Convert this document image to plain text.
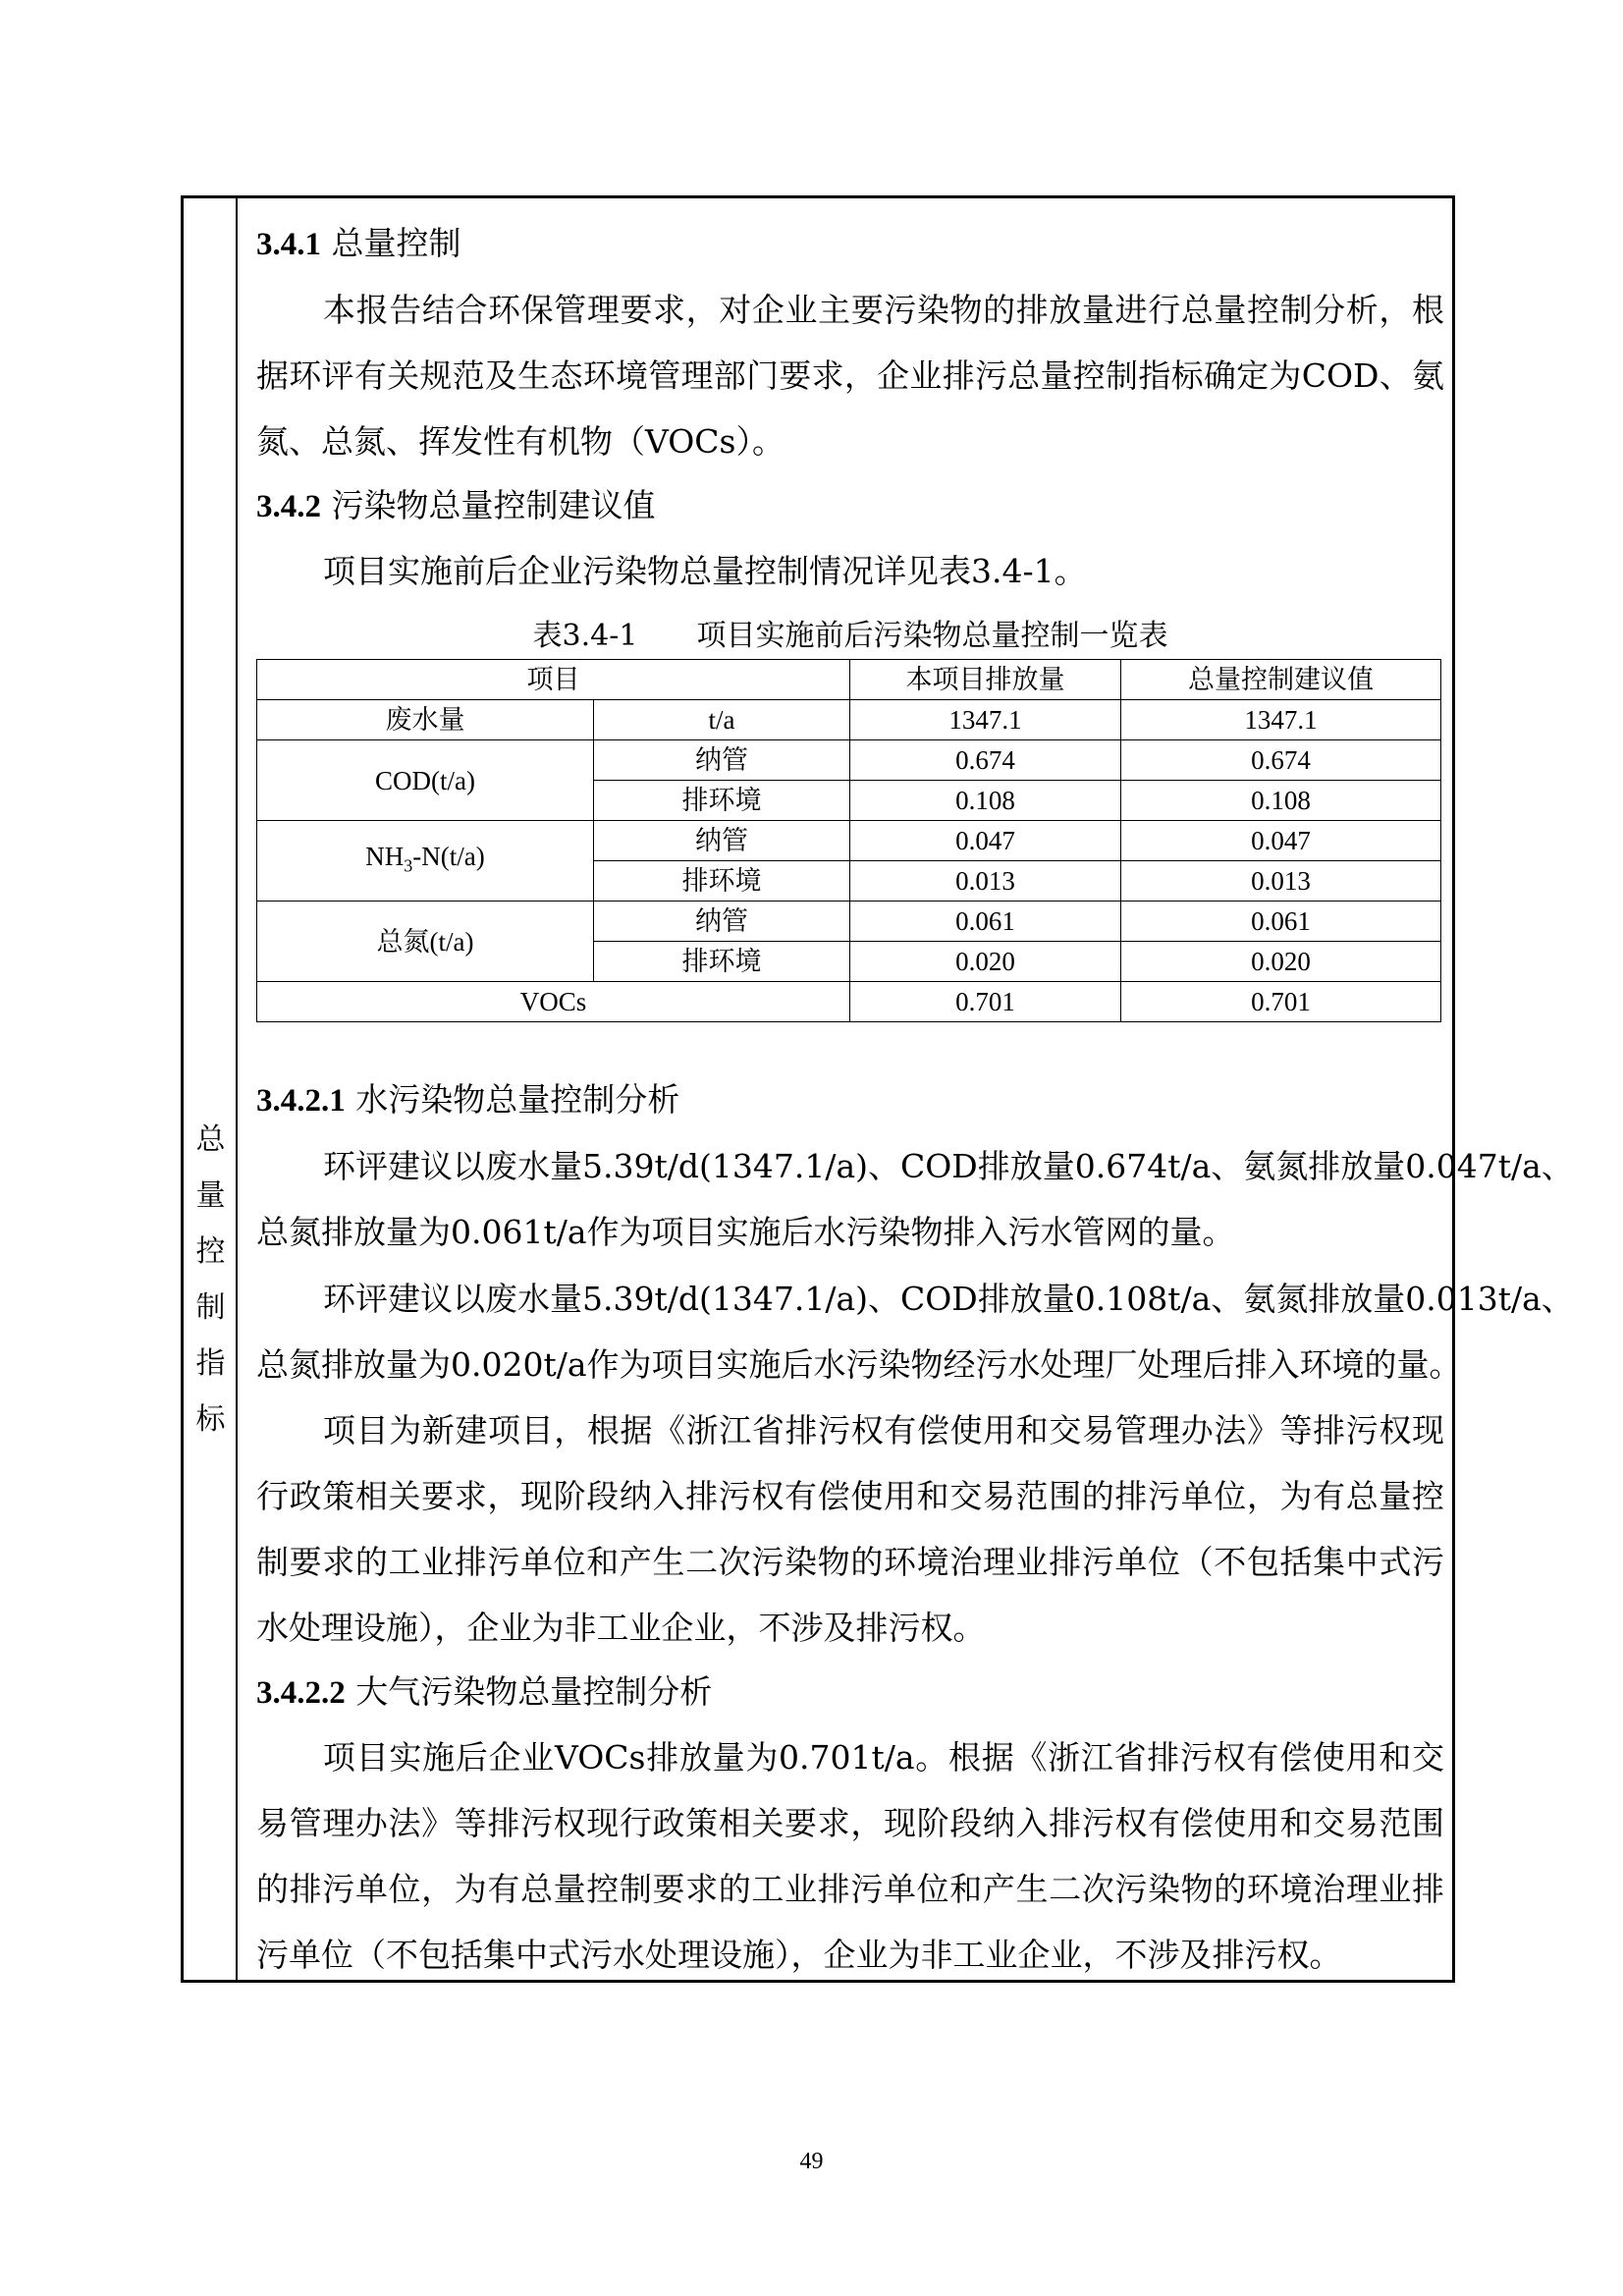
总
量
控
制
指
标
3.4.1 总量控制
本报告结合环保管理要求，对企业主要污染物的排放量进行总量控制分析，根
据环评有关规范及生态环境管理部门要求，企业排污总量控制指标确定为COD、氨
氮、总氮、挥发性有机物（VOCs）。
3.4.2 污染物总量控制建议值
项目实施前后企业污染物总量控制情况详见表3.4-1。
表3.4-1　　项目实施前后污染物总量控制一览表
项目		本项目排放量	总量控制建议值
废水量	t/a	1347.1	1347.1
COD(t/a)	纳管	0.674	0.674
	排环境	0.108	0.108
$NH_3-N(t/a)$	纳管	0.047	0.047
	排环境	0.013	0.013
总氮(t/a)	纳管	0.061	0.061
	排环境	0.020	0.020
VOCs		0.701	0.701
3.4.2.1 水污染物总量控制分析
环评建议以废水量5.39t/d(1347.1/a)、COD排放量0.674t/a、氨氮排放量0.047t/a、
总氮排放量为0.061t/a作为项目实施后水污染物排入污水管网的量。
环评建议以废水量5.39t/d(1347.1/a)、COD排放量0.108t/a、氨氮排放量0.013t/a、
总氮排放量为0.020t/a作为项目实施后水污染物经污水处理厂处理后排入环境的量。
项目为新建项目，根据《浙江省排污权有偿使用和交易管理办法》等排污权现
行政策相关要求，现阶段纳入排污权有偿使用和交易范围的排污单位，为有总量控
制要求的工业排污单位和产生二次污染物的环境治理业排污单位（不包括集中式污
水处理设施），企业为非工业企业，不涉及排污权。
3.4.2.2 大气污染物总量控制分析
项目实施后企业VOCs排放量为0.701t/a。根据《浙江省排污权有偿使用和交
易管理办法》等排污权现行政策相关要求，现阶段纳入排污权有偿使用和交易范围
的排污单位，为有总量控制要求的工业排污单位和产生二次污染物的环境治理业排
污单位（不包括集中式污水处理设施），企业为非工业企业，不涉及排污权。
49
